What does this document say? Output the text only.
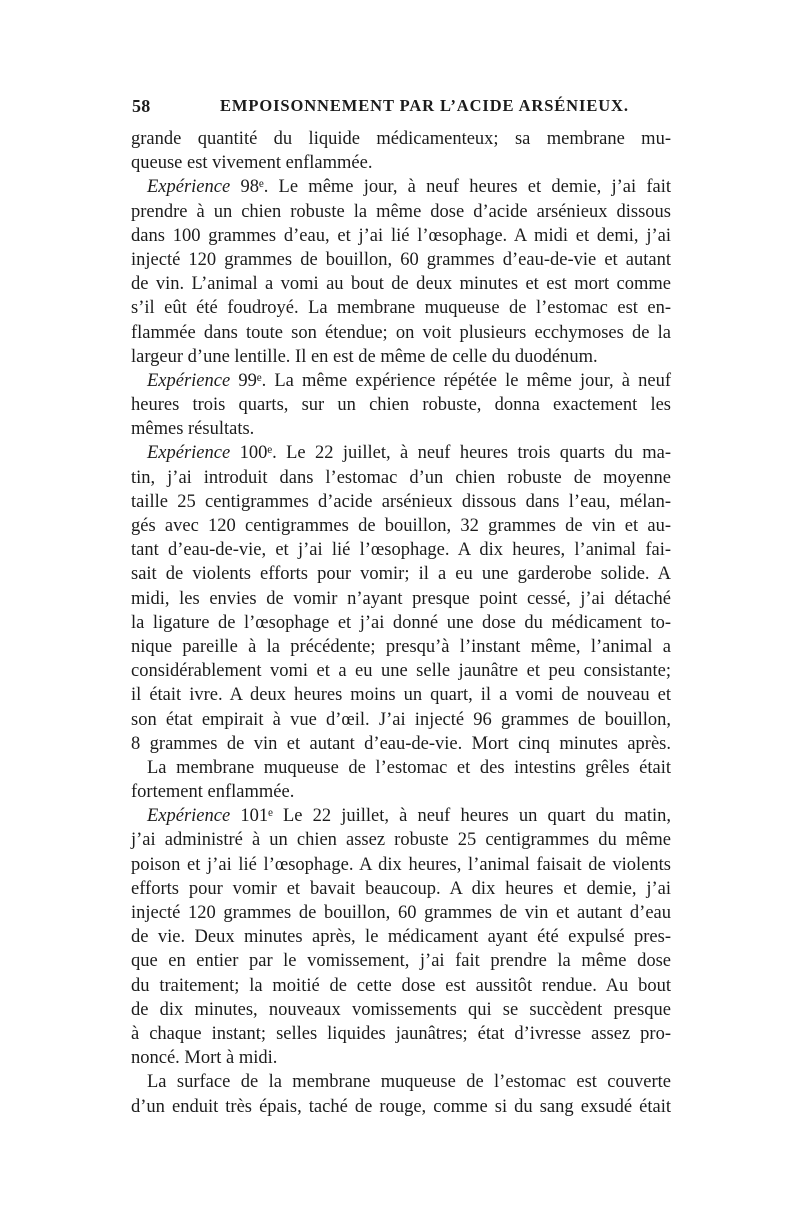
58	EMPOISONNEMENT PAR L’ACIDE ARSÉNIEUX.
grande quantité du liquide médicamenteux; sa membrane mu-
queuse est vivement enflammée.
Expérience 98ᵉ. Le même jour, à neuf heures et demie, j’ai fait
prendre à un chien robuste la même dose d’acide arsénieux dissous
dans 100 grammes d’eau, et j’ai lié l’œsophage. A midi et demi, j’ai
injecté 120 grammes de bouillon, 60 grammes d’eau-de-vie et autant
de vin. L’animal a vomi au bout de deux minutes et est mort comme
s’il eût été foudroyé. La membrane muqueuse de l’estomac est en-
flammée dans toute son étendue; on voit plusieurs ecchymoses de la
largeur d’une lentille. Il en est de même de celle du duodénum.
Expérience 99ᵉ. La même expérience répétée le même jour, à neuf
heures trois quarts, sur un chien robuste, donna exactement les
mêmes résultats.
Expérience 100ᵉ. Le 22 juillet, à neuf heures trois quarts du ma-
tin, j’ai introduit dans l’estomac d’un chien robuste de moyenne
taille 25 centigrammes d’acide arsénieux dissous dans l’eau, mélan-
gés avec 120 centigrammes de bouillon, 32 grammes de vin et au-
tant d’eau-de-vie, et j’ai lié l’œsophage. A dix heures, l’animal fai-
sait de violents efforts pour vomir; il a eu une garderobe solide. A
midi, les envies de vomir n’ayant presque point cessé, j’ai détaché
la ligature de l’œsophage et j’ai donné une dose du médicament to-
nique pareille à la précédente; presqu’à l’instant même, l’animal a
considérablement vomi et a eu une selle jaunâtre et peu consistante;
il était ivre. A deux heures moins un quart, il a vomi de nouveau et
son état empirait à vue d’œil. J’ai injecté 96 grammes de bouillon,
8 grammes de vin et autant d’eau-de-vie. Mort cinq minutes après.
La membrane muqueuse de l’estomac et des intestins grêles était
fortement enflammée.
Expérience 101ᵉ Le 22 juillet, à neuf heures un quart du matin,
j’ai administré à un chien assez robuste 25 centigrammes du même
poison et j’ai lié l’œsophage. A dix heures, l’animal faisait de violents
efforts pour vomir et bavait beaucoup. A dix heures et demie, j’ai
injecté 120 grammes de bouillon, 60 grammes de vin et autant d’eau
de vie. Deux minutes après, le médicament ayant été expulsé pres-
que en entier par le vomissement, j’ai fait prendre la même dose
du traitement; la moitié de cette dose est aussitôt rendue. Au bout
de dix minutes, nouveaux vomissements qui se succèdent presque
à chaque instant; selles liquides jaunâtres; état d’ivresse assez pro-
noncé. Mort à midi.
La surface de la membrane muqueuse de l’estomac est couverte
d’un enduit très épais, taché de rouge, comme si du sang exsudé était
